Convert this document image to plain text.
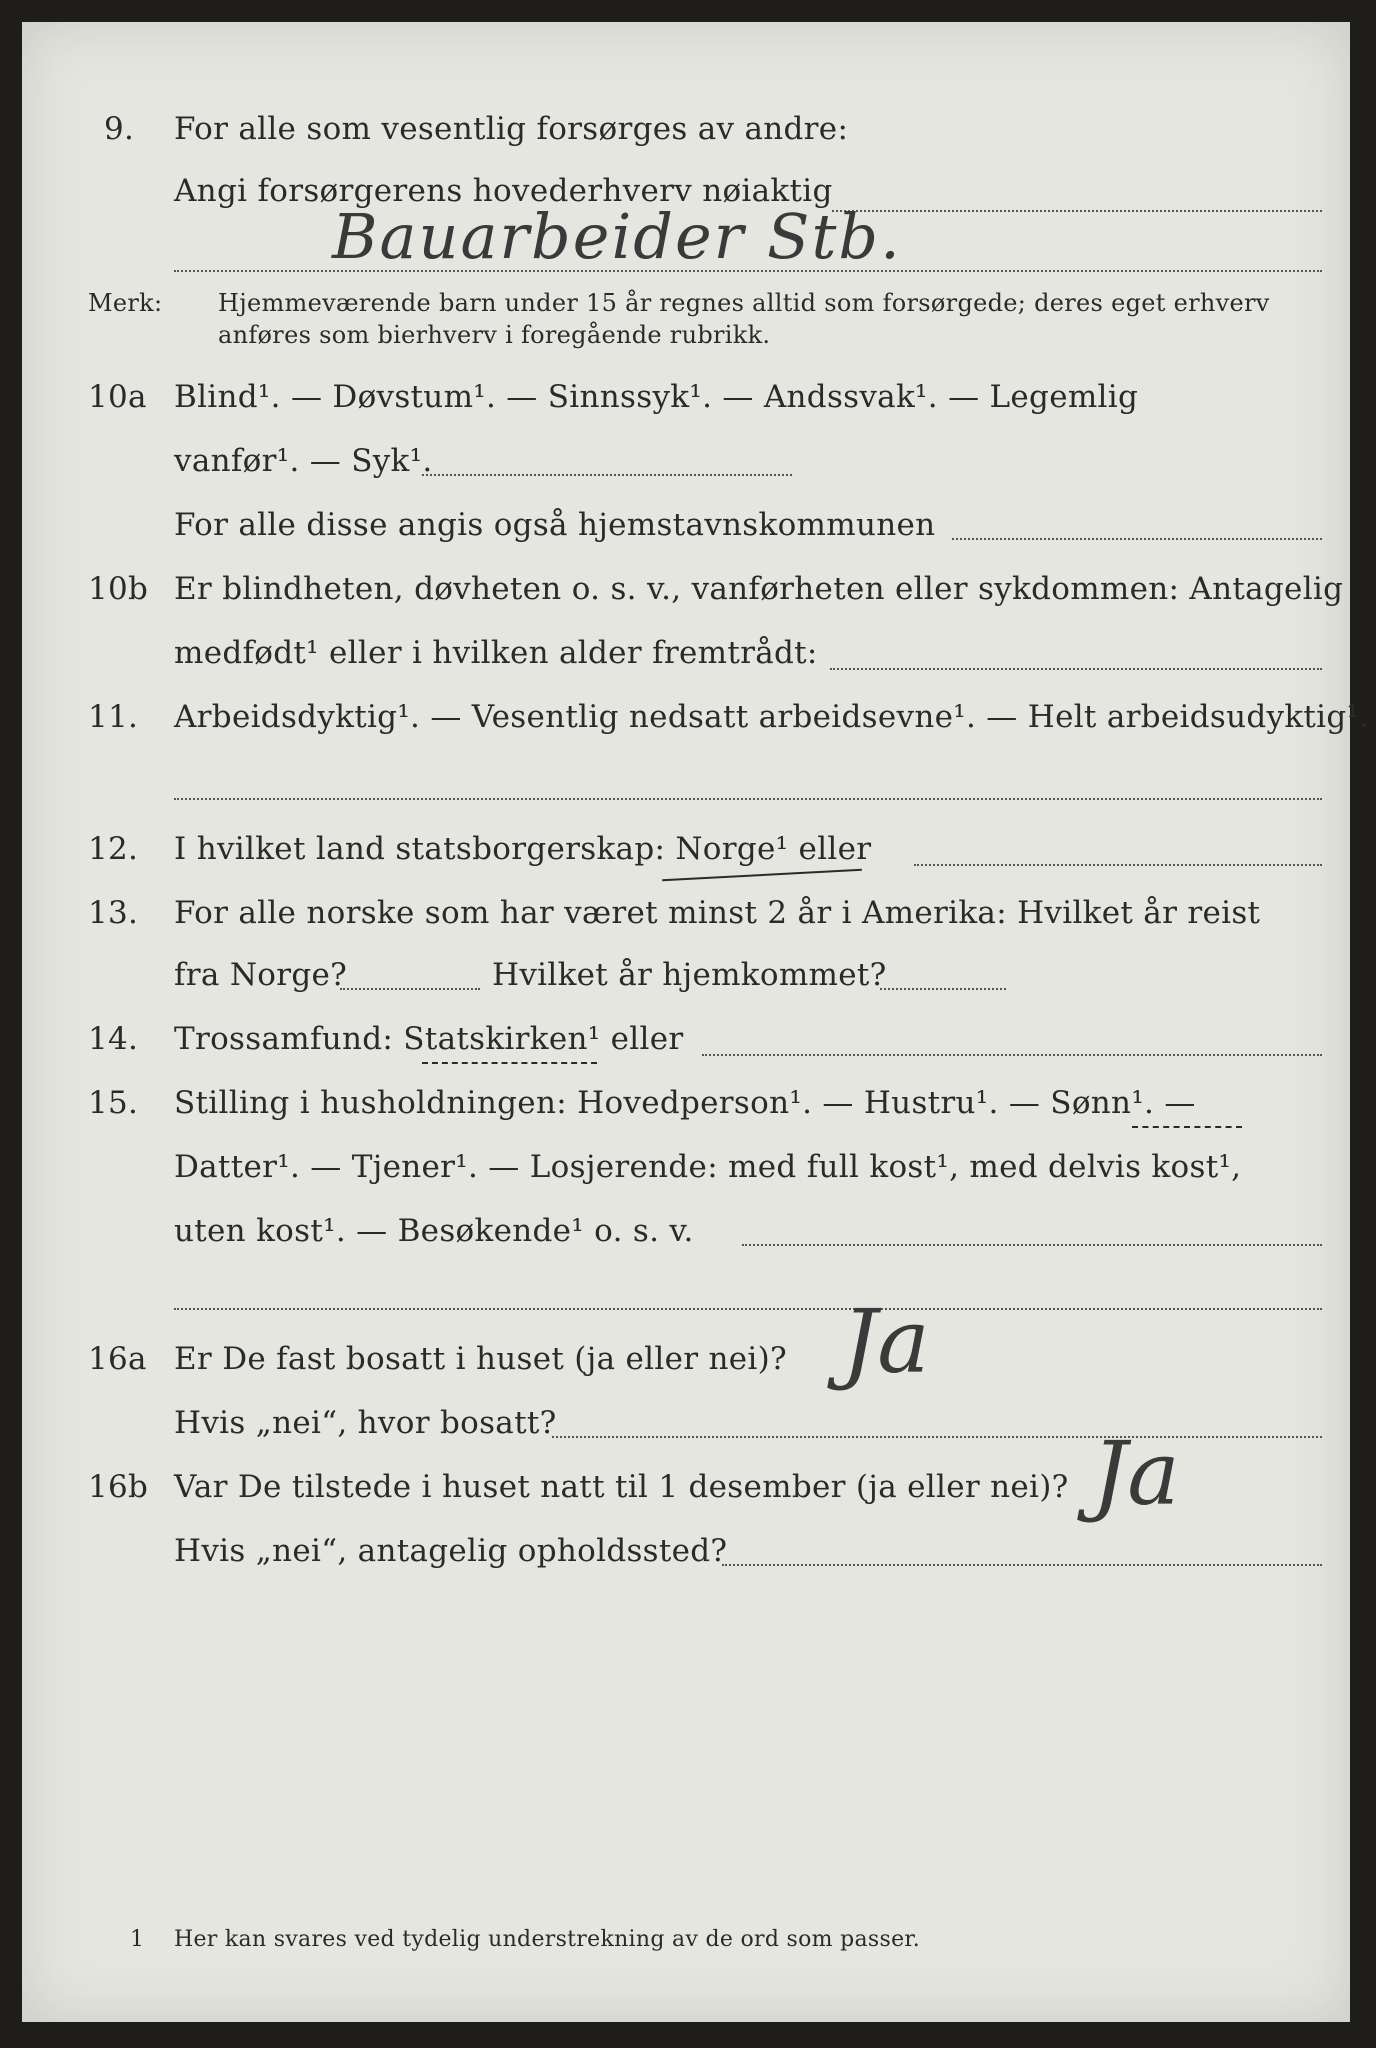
9. For alle som vesentlig forsørges av andre:
Angi forsørgerens hovederhverv nøiaktig
Bauarbeider Stb.
Merk: Hjemmeværende barn under 15 år regnes alltid som forsørgede; deres eget erhverv
anføres som bierhverv i foregående rubrikk.
10a Blind¹. — Døvstum¹. — Sinnssyk¹. — Andssvak¹. — Legemlig
vanfør¹. — Syk¹.
For alle disse angis også hjemstavnskommunen
10b Er blindheten, døvheten o. s. v., vanførheten eller sykdommen: Antagelig
medfødt¹ eller i hvilken alder fremtrådt:
11. Arbeidsdyktig¹. — Vesentlig nedsatt arbeidsevne¹. — Helt arbeidsudyktig¹.
12. I hvilket land statsborgerskap: Norge¹ eller
13. For alle norske som har været minst 2 år i Amerika: Hvilket år reist
fra Norge?	Hvilket år hjemkommet?
14. Trossamfund: Statskirken¹ eller
15. Stilling i husholdningen: Hovedperson¹. — Hustru¹. — Sønn¹. —
Datter¹. — Tjener¹. — Losjerende: med full kost¹, med delvis kost¹,
uten kost¹. — Besøkende¹ o. s. v.
16a Er De fast bosatt i huset (ja eller nei)? Ja
Hvis „nei“, hvor bosatt?
16b Var De tilstede i huset natt til 1 desember (ja eller nei)? Ja
Hvis „nei“, antagelig opholdssted?
1 Her kan svares ved tydelig understrekning av de ord som passer.
